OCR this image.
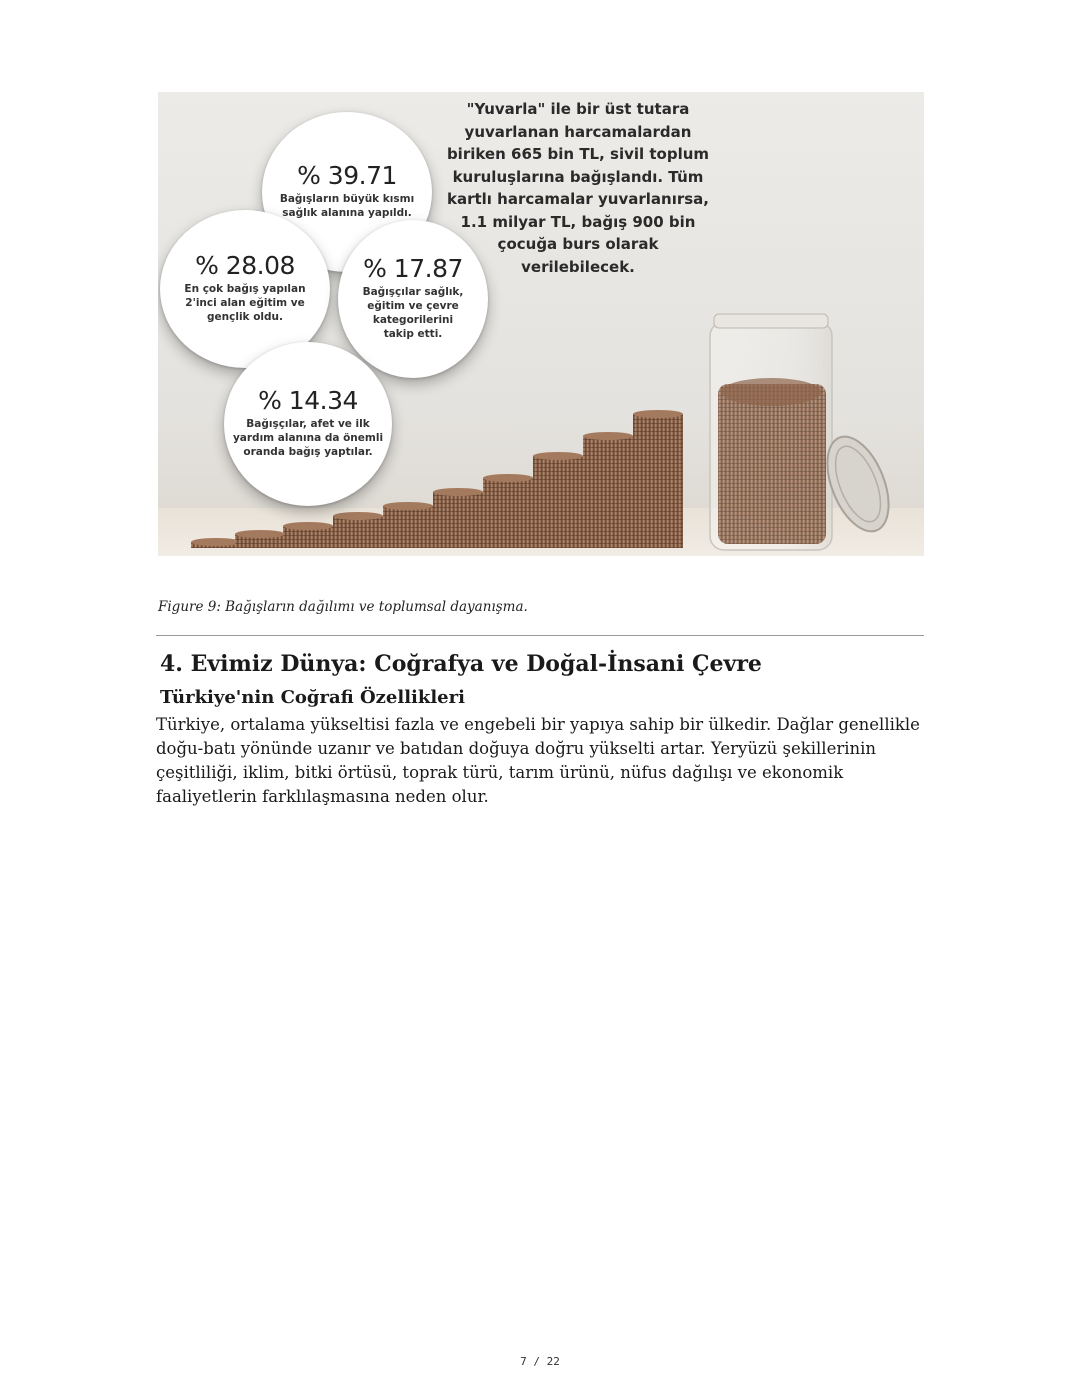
% 39.71
Bağışların büyük kısmı
sağlık alanına yapıldı.
% 28.08
En çok bağış yapılan
2'inci alan eğitim ve
gençlik oldu.
% 17.87
Bağışçılar sağlık,
eğitim ve çevre
kategorilerini
takip etti.
% 14.34
Bağışçılar, afet ve ilk
yardım alanına da önemli
oranda bağış yaptılar.
"Yuvarla" ile bir üst tutara
yuvarlanan harcamalardan
biriken 665 bin TL, sivil toplum
kuruluşlarına bağışlandı. Tüm
kartlı harcamalar yuvarlanırsa,
1.1 milyar TL, bağış 900 bin
çocuğa burs olarak
verilebilecek.
Figure 9: Bağışların dağılımı ve toplumsal dayanışma.
4. Evimiz Dünya: Coğrafya ve Doğal-İnsani Çevre
Türkiye'nin Coğrafi Özellikleri
Türkiye, ortalama yükseltisi fazla ve engebeli bir yapıya sahip bir ülkedir. Dağlar genellikle
doğu-batı yönünde uzanır ve batıdan doğuya doğru yükselti artar. Yeryüzü şekillerinin
çeşitliliği, iklim, bitki örtüsü, toprak türü, tarım ürünü, nüfus dağılışı ve ekonomik
faaliyetlerin farklılaşmasına neden olur.
7 / 22
